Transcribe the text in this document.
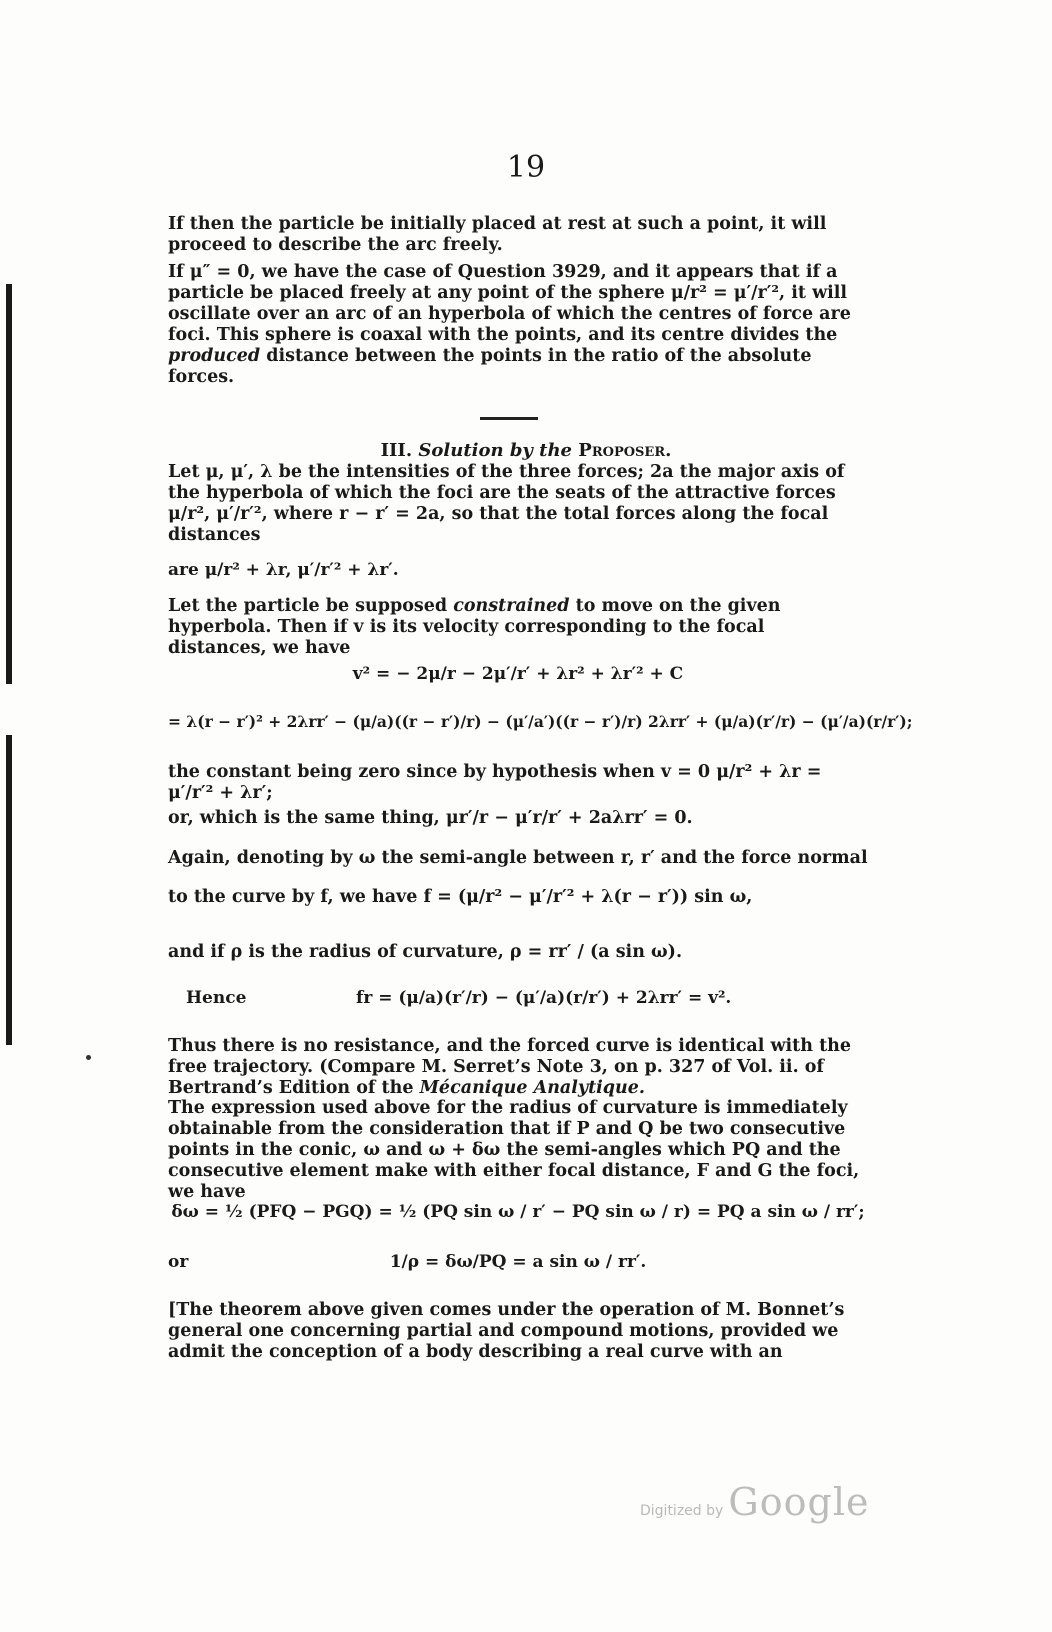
19

If then the particle be initially placed at rest at such a point, it will proceed to describe the arc freely.

If μ″ = 0, we have the case of Question 3929, and it appears that if a particle be placed freely at any point of the sphere μ/r² = μ′/r′², it will oscillate over an arc of an hyperbola of which the centres of force are foci. This sphere is coaxal with the points, and its centre divides the produced distance between the points in the ratio of the absolute forces.

III. Solution by the Proposer.

Let μ, μ′, λ be the intensities of the three forces; 2a the major axis of the hyperbola of which the foci are the seats of the attractive forces μ/r², μ′/r′², where r − r′ = 2a, so that the total forces along the focal distances

are μ/r² + λr, μ′/r′² + λr′.

Let the particle be supposed constrained to move on the given hyperbola. Then if v is its velocity corresponding to the focal distances, we have

v² = − 2μ/r − 2μ′/r′ + λr² + λr′² + C
= λ(r − r′)² + 2λrr′ − (μ/a)((r − r′)/r) − (μ′/a′)((r − r′)/r) 2λrr′ + (μ/a)(r′/r) − (μ′/a)(r/r′);

the constant being zero since by hypothesis when v = 0 μ/r² + λr = μ′/r′² + λr′;

or, which is the same thing, μr′/r − μ′r/r′ + 2aλrr′ = 0.

Again, denoting by ω the semi-angle between r, r′ and the force normal
to the curve by f, we have f = (μ/r² − μ′/r′² + λ(r − r′)) sin ω,

and if ρ is the radius of curvature, ρ = rr′ / (a sin ω).

Hence	fr = (μ/a)(r′/r) − (μ′/a)(r/r′) + 2λrr′ = v².

Thus there is no resistance, and the forced curve is identical with the free trajectory. (Compare M. Serret’s Note 3, on p. 327 of Vol. ii. of Bertrand’s Edition of the Mécanique Analytique.

The expression used above for the radius of curvature is immediately obtainable from the consideration that if P and Q be two consecutive points in the conic, ω and ω + δω the semi-angles which PQ and the consecutive element make with either focal distance, F and G the foci, we have

δω = ½ (PFQ − PGQ) = ½ (PQ sin ω / r′ − PQ sin ω / r) = PQ a sin ω / rr′;
or	1/ρ = δω/PQ = a sin ω / rr′.

[The theorem above given comes under the operation of M. Bonnet’s general one concerning partial and compound motions, provided we admit the conception of a body describing a real curve with an

Digitized by Google
